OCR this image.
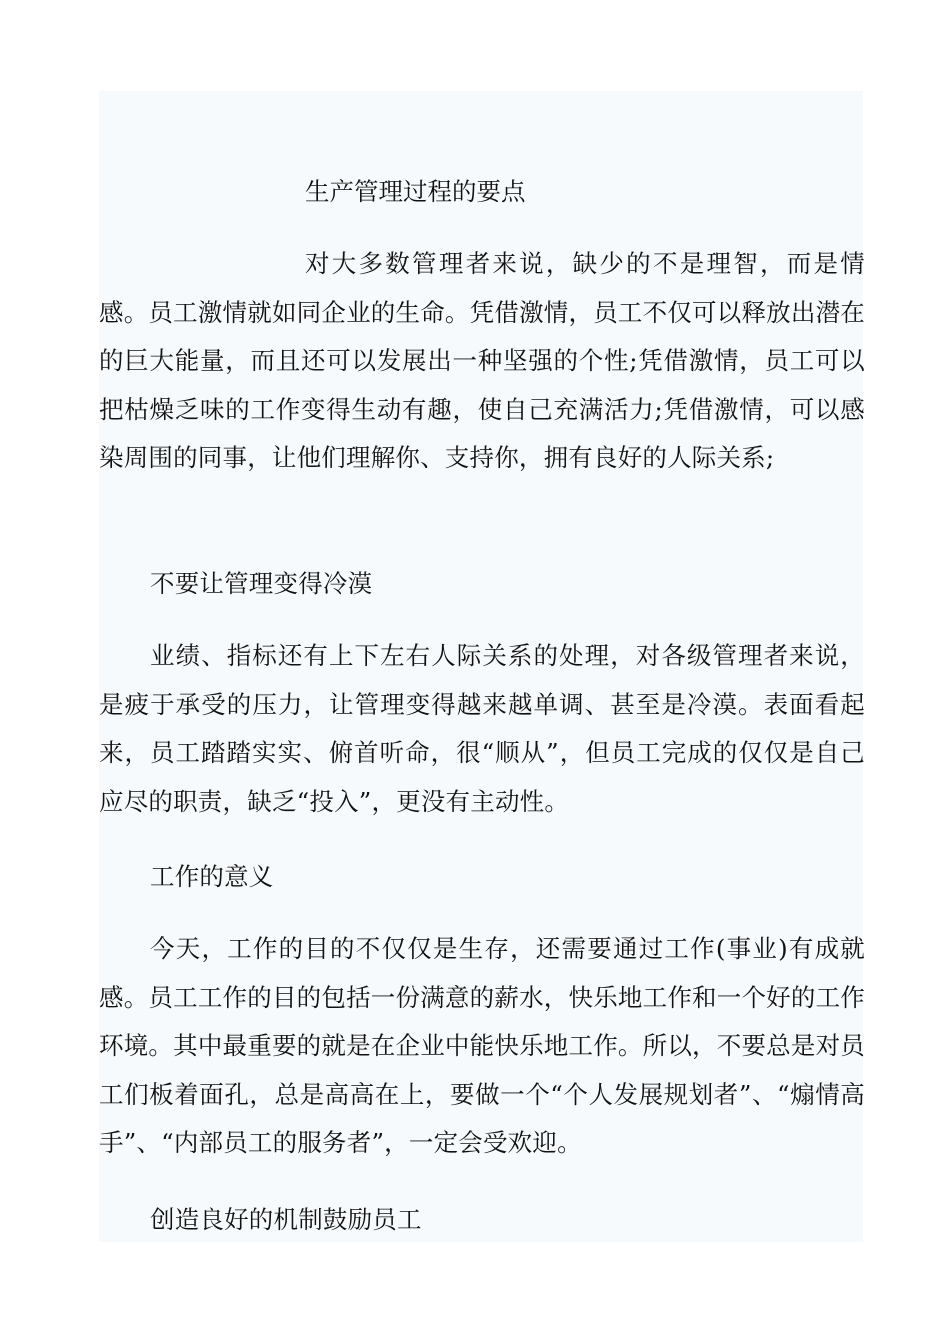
生产管理过程的要点
对大多数管理者来说，缺少的不是理智，而是情感。员工激情就如同企业的生命。凭借激情，员工不仅可以释放出潜在的巨大能量，而且还可以发展出一种坚强的个性;凭借激情，员工可以把枯燥乏味的工作变得生动有趣，使自己充满活力;凭借激情，可以感染周围的同事，让他们理解你、支持你，拥有良好的人际关系;
不要让管理变得冷漠
业绩、指标还有上下左右人际关系的处理，对各级管理者来说，是疲于承受的压力，让管理变得越来越单调、甚至是冷漠。表面看起来，员工踏踏实实、俯首听命，很“顺从”，但员工完成的仅仅是自己应尽的职责，缺乏“投入”，更没有主动性。
工作的意义
今天，工作的目的不仅仅是生存，还需要通过工作(事业)有成就感。员工工作的目的包括一份满意的薪水，快乐地工作和一个好的工作环境。其中最重要的就是在企业中能快乐地工作。所以，不要总是对员工们板着面孔，总是高高在上，要做一个“个人发展规划者”、“煽情高手”、“内部员工的服务者”，一定会受欢迎。
创造良好的机制鼓励员工
